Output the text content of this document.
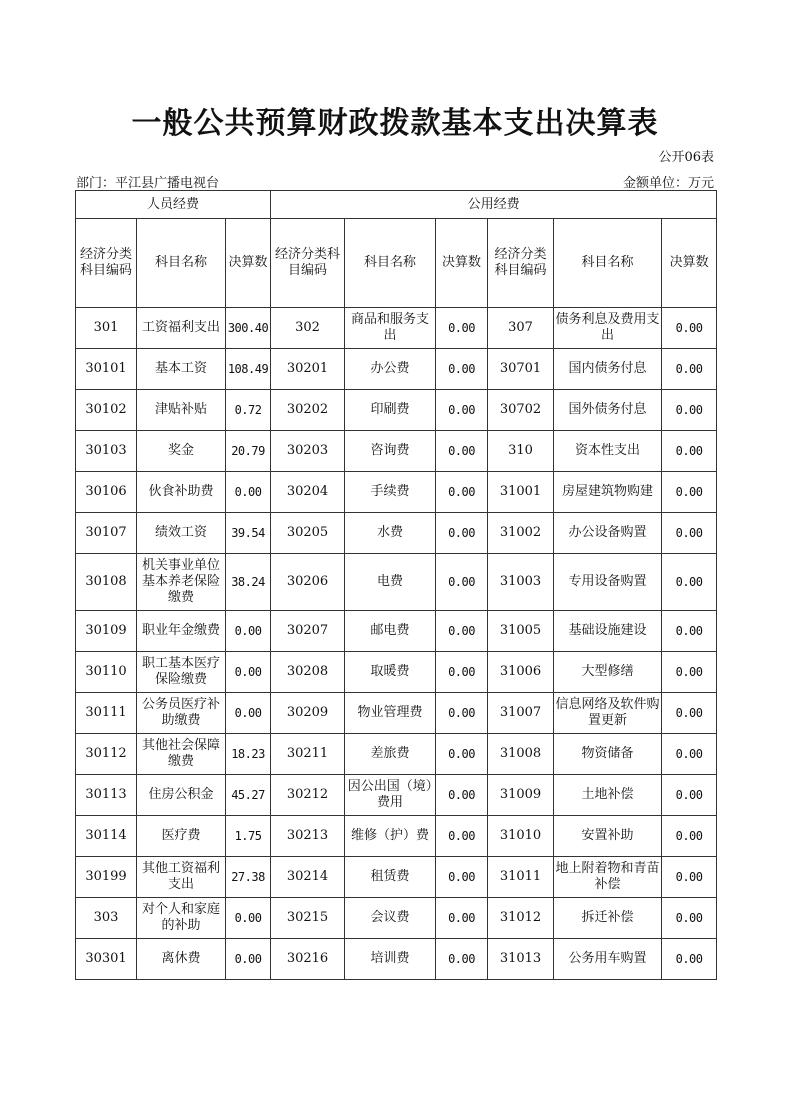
一般公共预算财政拨款基本支出决算表
公开06表
部门：平江县广播电视台	金额单位：万元
人员经费			公用经费					
经济分类科目编码	科目名称	决算数	经济分类科目编码	科目名称	决算数	经济分类科目编码	科目名称	决算数
301	工资福利支出	300.40	302	商品和服务支出	0.00	307	债务利息及费用支出	0.00
30101	基本工资	108.49	30201	办公费	0.00	30701	国内债务付息	0.00
30102	津贴补贴	0.72	30202	印刷费	0.00	30702	国外债务付息	0.00
30103	奖金	20.79	30203	咨询费	0.00	310	资本性支出	0.00
30106	伙食补助费	0.00	30204	手续费	0.00	31001	房屋建筑物购建	0.00
30107	绩效工资	39.54	30205	水费	0.00	31002	办公设备购置	0.00
30108	机关事业单位基本养老保险缴费	38.24	30206	电费	0.00	31003	专用设备购置	0.00
30109	职业年金缴费	0.00	30207	邮电费	0.00	31005	基础设施建设	0.00
30110	职工基本医疗保险缴费	0.00	30208	取暖费	0.00	31006	大型修缮	0.00
30111	公务员医疗补助缴费	0.00	30209	物业管理费	0.00	31007	信息网络及软件购置更新	0.00
30112	其他社会保障缴费	18.23	30211	差旅费	0.00	31008	物资储备	0.00
30113	住房公积金	45.27	30212	因公出国（境）费用	0.00	31009	土地补偿	0.00
30114	医疗费	1.75	30213	维修（护）费	0.00	31010	安置补助	0.00
30199	其他工资福利支出	27.38	30214	租赁费	0.00	31011	地上附着物和青苗补偿	0.00
303	对个人和家庭的补助	0.00	30215	会议费	0.00	31012	拆迁补偿	0.00
30301	离休费	0.00	30216	培训费	0.00	31013	公务用车购置	0.00
